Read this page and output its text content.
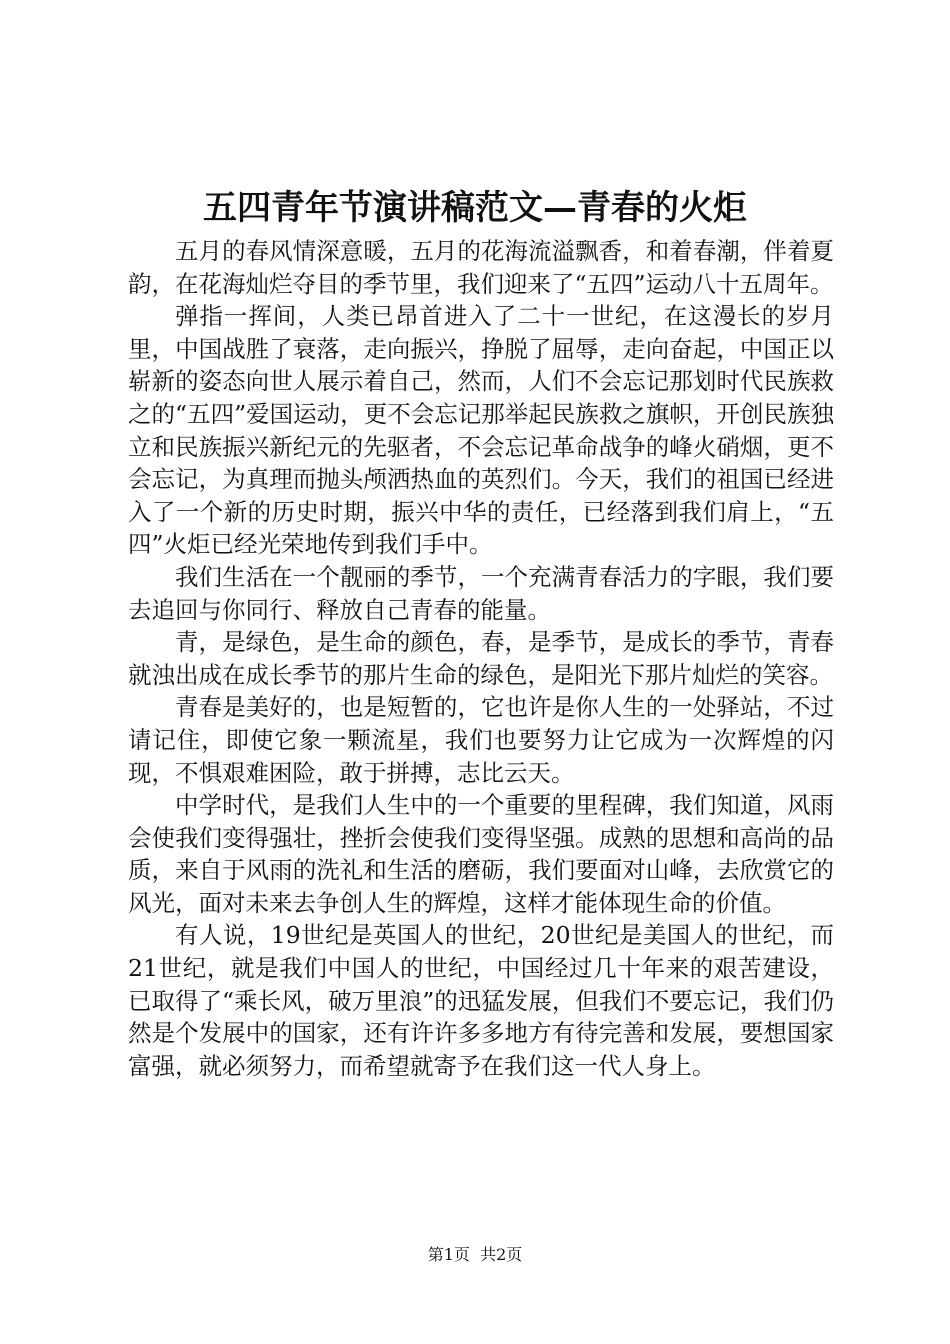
五四青年节演讲稿范文—青春的火炬

五月的春风情深意暖，五月的花海流溢飘香，和着春潮，伴着夏韵，在花海灿烂夺目的季节里，我们迎来了“五四”运动八十五周年。

弹指一挥间，人类已昂首进入了二十一世纪，在这漫长的岁月里，中国战胜了衰落，走向振兴，挣脱了屈辱，走向奋起，中国正以崭新的姿态向世人展示着自己，然而，人们不会忘记那划时代民族救之的“五四”爱国运动，更不会忘记那举起民族救之旗帜，开创民族独立和民族振兴新纪元的先驱者，不会忘记革命战争的峰火硝烟，更不会忘记，为真理而抛头颅洒热血的英烈们。今天，我们的祖国已经进入了一个新的历史时期，振兴中华的责任，已经落到我们肩上，“五四”火炬已经光荣地传到我们手中。

我们生活在一个靓丽的季节，一个充满青春活力的字眼，我们要去追回与你同行、释放自己青春的能量。

青，是绿色，是生命的颜色，春，是季节，是成长的季节，青春就浊出成在成长季节的那片生命的绿色，是阳光下那片灿烂的笑容。

青春是美好的，也是短暂的，它也许是你人生的一处驿站，不过请记住，即使它象一颗流星，我们也要努力让它成为一次辉煌的闪现，不惧艰难困险，敢于拼搏，志比云天。

中学时代，是我们人生中的一个重要的里程碑，我们知道，风雨会使我们变得强壮，挫折会使我们变得坚强。成熟的思想和高尚的品质，来自于风雨的洗礼和生活的磨砺，我们要面对山峰，去欣赏它的风光，面对未来去争创人生的辉煌，这样才能体现生命的价值。

有人说，19世纪是英国人的世纪，20世纪是美国人的世纪，而21世纪，就是我们中国人的世纪，中国经过几十年来的艰苦建设，已取得了“乘长风，破万里浪”的迅猛发展，但我们不要忘记，我们仍然是个发展中的国家，还有许许多多地方有待完善和发展，要想国家富强，就必须努力，而希望就寄予在我们这一代人身上。

第1页  共2页
